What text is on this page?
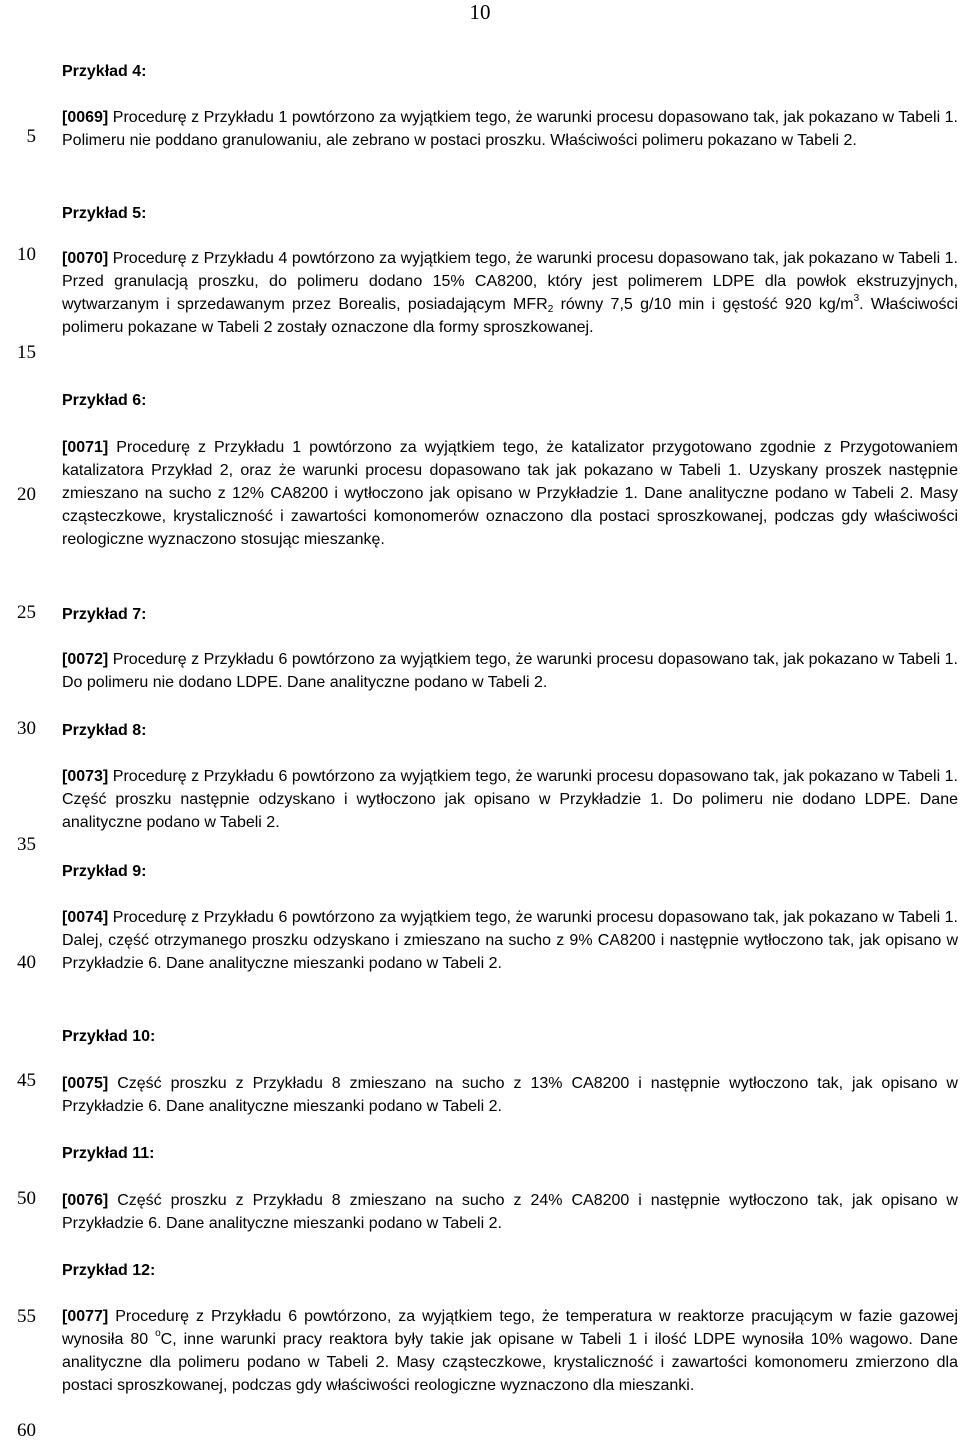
10
5
10
15
20
25
30
35
40
45
50
55
60
Przykład 4:

[0069] Procedurę z Przykładu 1 powtórzono za wyjątkiem tego, że warunki procesu dopasowano tak, jak pokazano w Tabeli 1. Polimeru nie poddano granulowaniu, ale zebrano w postaci proszku. Właściwości polimeru pokazano w Tabeli 2.

Przykład 5:

[0070] Procedurę z Przykładu 4 powtórzono za wyjątkiem tego, że warunki procesu dopasowano tak, jak pokazano w Tabeli 1. Przed granulacją proszku, do polimeru dodano 15% CA8200, który jest polimerem LDPE dla powłok ekstruzyjnych, wytwarzanym i sprzedawanym przez Borealis, posiadającym $MFR_2$ równy 7,5 g/10 min i gęstość 920 $kg/m^3$. Właściwości polimeru pokazane w Tabeli 2 zostały oznaczone dla formy sproszkowanej.

Przykład 6:

[0071] Procedurę z Przykładu 1 powtórzono za wyjątkiem tego, że katalizator przygotowano zgodnie z Przygotowaniem katalizatora Przykład 2, oraz że warunki procesu dopasowano tak jak pokazano w Tabeli 1. Uzyskany proszek następnie zmieszano na sucho z 12% CA8200 i wytłoczono jak opisano w Przykładzie 1. Dane analityczne podano w Tabeli 2. Masy cząsteczkowe, krystaliczność i zawartości komonomerów oznaczono dla postaci sproszkowanej, podczas gdy właściwości reologiczne wyznaczono stosując mieszankę.

Przykład 7:

[0072] Procedurę z Przykładu 6 powtórzono za wyjątkiem tego, że warunki procesu dopasowano tak, jak pokazano w Tabeli 1. Do polimeru nie dodano LDPE. Dane analityczne podano w Tabeli 2.

Przykład 8:

[0073] Procedurę z Przykładu 6 powtórzono za wyjątkiem tego, że warunki procesu dopasowano tak, jak pokazano w Tabeli 1. Część proszku następnie odzyskano i wytłoczono jak opisano w Przykładzie 1. Do polimeru nie dodano LDPE. Dane analityczne podano w Tabeli 2.

Przykład 9:

[0074] Procedurę z Przykładu 6 powtórzono za wyjątkiem tego, że warunki procesu dopasowano tak, jak pokazano w Tabeli 1. Dalej, część otrzymanego proszku odzyskano i zmieszano na sucho z 9% CA8200 i następnie wytłoczono tak, jak opisano w Przykładzie 6. Dane analityczne mieszanki podano w Tabeli 2.

Przykład 10:

[0075] Część proszku z Przykładu 8 zmieszano na sucho z 13% CA8200 i następnie wytłoczono tak, jak opisano w Przykładzie 6. Dane analityczne mieszanki podano w Tabeli 2.

Przykład 11:

[0076] Część proszku z Przykładu 8 zmieszano na sucho z 24% CA8200 i następnie wytłoczono tak, jak opisano w Przykładzie 6. Dane analityczne mieszanki podano w Tabeli 2.

Przykład 12:

[0077] Procedurę z Przykładu 6 powtórzono, za wyjątkiem tego, że temperatura w reaktorze pracującym w fazie gazowej wynosiła 80 $^o$C, inne warunki pracy reaktora były takie jak opisane w Tabeli 1 i ilość LDPE wynosiła 10% wagowo. Dane analityczne dla polimeru podano w Tabeli 2. Masy cząsteczkowe, krystaliczność i zawartości komonomeru zmierzono dla postaci sproszkowanej, podczas gdy właściwości reologiczne wyznaczono dla mieszanki.
